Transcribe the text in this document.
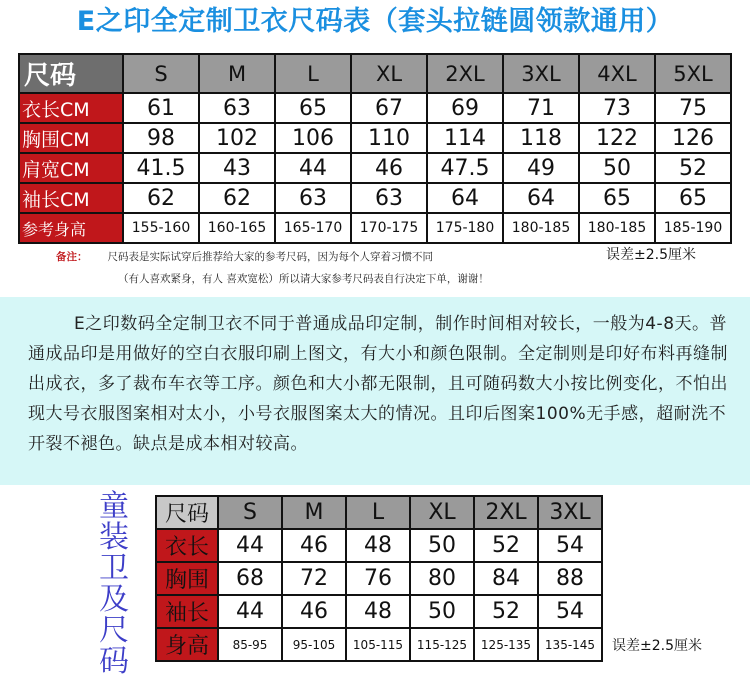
E之印全定制卫衣尺码表（套头拉链圆领款通用）
尺码	S	M	L	XL	2XL	3XL	4XL	5XL
衣长CM	61	63	65	67	69	71	73	75
胸围CM	98	102	106	110	114	118	122	126
肩宽CM	41.5	43	44	46	47.5	49	50	52
袖长CM	62	62	63	63	64	64	65	65
参考身高	155-160	160-165	165-170	170-175	175-180	180-185	180-185	185-190
备注： 尺码表是实际试穿后推荐给大家的参考尺码，因为每个人穿着习惯不同
（有人喜欢紧身，有人 喜欢宽松）所以请大家参考尺码表自行决定下单，谢谢！
误差±2.5厘米

E之印数码全定制卫衣不同于普通成品印定制，制作时间相对较长，一般为4-8天。普通成品印是用做好的空白衣服印刷上图文，有大小和颜色限制。全定制则是印好布料再缝制出成衣，多了裁布车衣等工序。颜色和大小都无限制，且可随码数大小按比例变化，不怕出现大号衣服图案相对太小，小号衣服图案太大的情况。且印后图案100%无手感，超耐洗不开裂不褪色。缺点是成本相对较高。

童
装
卫
及
尺
码
尺码	S	M	L	XL	2XL	3XL
衣长	44	46	48	50	52	54
胸围	68	72	76	80	84	88
袖长	44	46	48	50	52	54
身高	85-95	95-105	105-115	115-125	125-135	135-145 误差±2.5厘米
